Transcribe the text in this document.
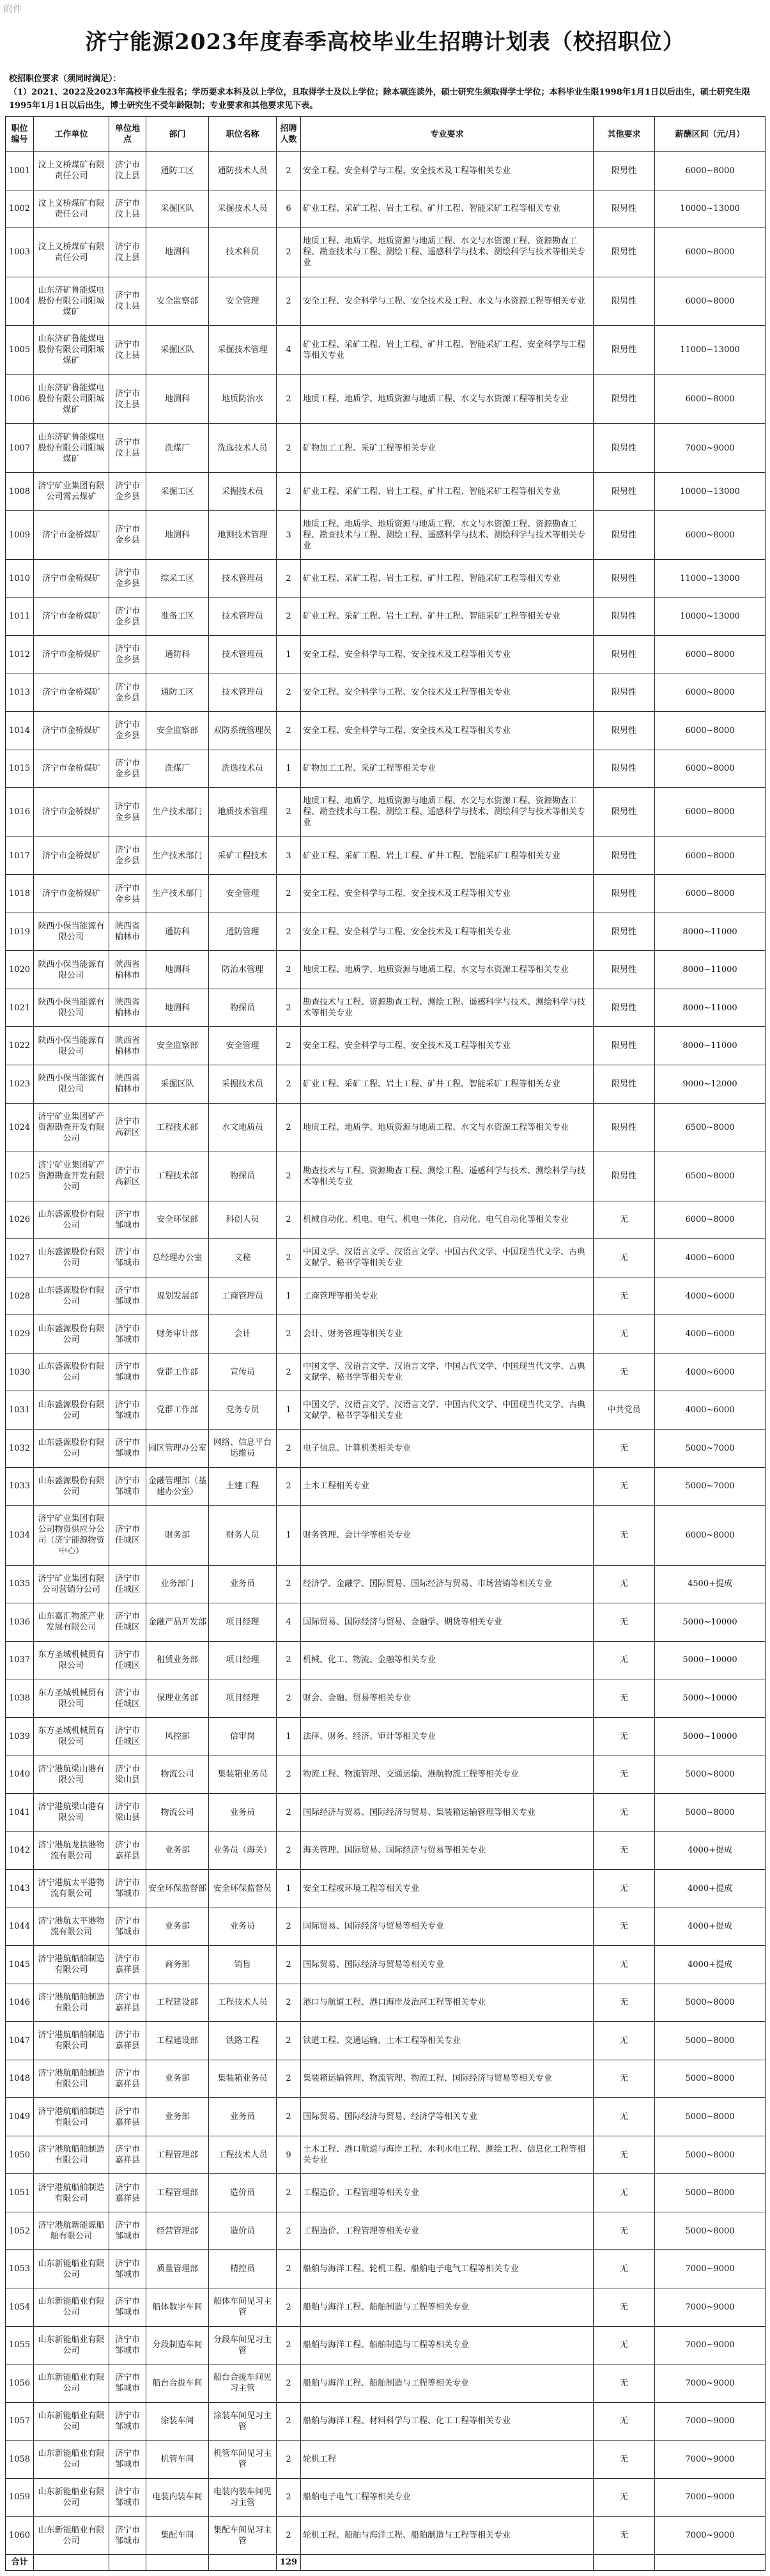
附件
济宁能源2023年度春季高校毕业生招聘计划表（校招职位）
校招职位要求（须同时满足）：
（1）2021、2022及2023年高校毕业生报名；学历要求本科及以上学位，且取得学士及以上学位；除本硕连读外，硕士研究生须取得学士学位；本科毕业生限1998年1月1日以后出生，硕士研究生限1995年1月1日以后出生，博士研究生不受年龄限制；专业要求和其他要求见下表。
职位编号	工作单位	单位地点	部门	职位名称	招聘人数	专业要求	其他要求	薪酬区间（元/月）
1001	汶上义桥煤矿有限责任公司	济宁市汶上县	通防工区	通防技术人员	2	安全工程、安全科学与工程、安全技术及工程等相关专业	限男性	6000~8000
1002	汶上义桥煤矿有限责任公司	济宁市汶上县	采掘区队	采掘技术人员	6	矿业工程、采矿工程、岩土工程、矿井工程、智能采矿工程等相关专业	限男性	10000~13000
1003	汶上义桥煤矿有限责任公司	济宁市汶上县	地测科	技术科员	2	地质工程、地质学、地质资源与地质工程、水文与水资源工程、资源勘查工程、勘查技术与工程、测绘工程、遥感科学与技术、测绘科学与技术等相关专业	限男性	6000~8000
1004	山东济矿鲁能煤电股份有限公司阳城煤矿	济宁市汶上县	安全监察部	安全管理	2	安全工程、安全科学与工程、安全技术及工程、水文与水资源工程等相关专业	限男性	6000~8000
1005	山东济矿鲁能煤电股份有限公司阳城煤矿	济宁市汶上县	采掘区队	采掘技术管理	4	矿业工程、采矿工程、岩土工程、矿井工程、智能采矿工程、安全科学与工程等相关专业	限男性	11000~13000
1006	山东济矿鲁能煤电股份有限公司阳城煤矿	济宁市汶上县	地测科	地质防治水	2	地质工程、地质学、地质资源与地质工程、水文与水资源工程等相关专业	限男性	6000~8000
1007	山东济矿鲁能煤电股份有限公司阳城煤矿	济宁市汶上县	洗煤厂	洗选技术人员	2	矿物加工工程、采矿工程等相关专业	限男性	7000~9000
1008	济宁矿业集团有限公司霄云煤矿	济宁市金乡县	采掘工区	采掘技术员	2	矿业工程、采矿工程、岩土工程、矿井工程、智能采矿工程等相关专业	限男性	10000~13000
1009	济宁市金桥煤矿	济宁市金乡县	地测科	地测技术管理	3	地质工程、地质学、地质资源与地质工程、水文与水资源工程、资源勘查工程、勘查技术与工程、测绘工程、遥感科学与技术、测绘科学与技术等相关专业	限男性	6000~8000
1010	济宁市金桥煤矿	济宁市金乡县	综采工区	技术管理员	2	矿业工程、采矿工程、岩土工程、矿井工程、智能采矿工程等相关专业	限男性	11000~13000
1011	济宁市金桥煤矿	济宁市金乡县	准备工区	技术管理员	2	矿业工程、采矿工程、岩土工程、矿井工程、智能采矿工程等相关专业	限男性	10000~13000
1012	济宁市金桥煤矿	济宁市金乡县	通防科	技术管理员	1	安全工程、安全科学与工程、安全技术及工程等相关专业	限男性	6000~8000
1013	济宁市金桥煤矿	济宁市金乡县	通防工区	技术管理员	2	安全工程、安全科学与工程、安全技术及工程等相关专业	限男性	6000~8000
1014	济宁市金桥煤矿	济宁市金乡县	安全监察部	双防系统管理员	2	安全工程、安全科学与工程、安全技术及工程等相关专业	限男性	6000~8000
1015	济宁市金桥煤矿	济宁市金乡县	洗煤厂	洗选技术员	1	矿物加工工程、采矿工程等相关专业	限男性	6000~8000
1016	济宁市金桥煤矿	济宁市金乡县	生产技术部门	地质技术管理	2	地质工程、地质学、地质资源与地质工程、水文与水资源工程、资源勘查工程、勘查技术与工程、测绘工程、遥感科学与技术、测绘科学与技术等相关专业	限男性	6000~8000
1017	济宁市金桥煤矿	济宁市金乡县	生产技术部门	采矿工程技术	3	矿业工程、采矿工程、岩土工程、矿井工程、智能采矿工程等相关专业	限男性	6000~8000
1018	济宁市金桥煤矿	济宁市金乡县	生产技术部门	安全管理	2	安全工程、安全科学与工程、安全技术及工程等相关专业	限男性	6000~8000
1019	陕西小保当能源有限公司	陕西省榆林市	通防科	通防管理	2	安全工程、安全科学与工程、安全技术及工程等相关专业	限男性	8000~11000
1020	陕西小保当能源有限公司	陕西省榆林市	地测科	防治水管理	2	地质工程、地质学、地质资源与地质工程、水文与水资源工程等相关专业	限男性	8000~11000
1021	陕西小保当能源有限公司	陕西省榆林市	地测科	物探员	2	勘查技术与工程、资源勘查工程、测绘工程、遥感科学与技术、测绘科学与技术等相关专业	限男性	8000~11000
1022	陕西小保当能源有限公司	陕西省榆林市	安全监察部	安全管理	2	安全工程、安全科学与工程、安全技术及工程等相关专业	限男性	8000~11000
1023	陕西小保当能源有限公司	陕西省榆林市	采掘区队	采掘技术员	2	矿业工程、采矿工程、岩土工程、矿井工程、智能采矿工程等相关专业	限男性	9000~12000
1024	济宁矿业集团矿产资源勘查开发有限公司	济宁市高新区	工程技术部	水文地质员	2	地质工程、地质学、地质资源与地质工程、水文与水资源工程等相关专业	限男性	6500~8000
1025	济宁矿业集团矿产资源勘查开发有限公司	济宁市高新区	工程技术部	物探员	2	勘查技术与工程、资源勘查工程、测绘工程、遥感科学与技术、测绘科学与技术等相关专业	限男性	6500~8000
1026	山东盛源股份有限公司	济宁市邹城市	安全环保部	科创人员	2	机械自动化、机电、电气、机电一体化、自动化、电气自动化等相关专业	无	6000~8000
1027	山东盛源股份有限公司	济宁市邹城市	总经理办公室	文秘	2	中国文学、汉语言文学、汉语言文学、中国古代文学、中国现当代文学、古典文献学、秘书学等相关专业	无	4000~6000
1028	山东盛源股份有限公司	济宁市邹城市	规划发展部	工商管理员	1	工商管理等相关专业	无	4000~6000
1029	山东盛源股份有限公司	济宁市邹城市	财务审计部	会计	2	会计、财务管理等相关专业	无	4000~6000
1030	山东盛源股份有限公司	济宁市邹城市	党群工作部	宣传员	2	中国文学、汉语言文学、汉语言文学、中国古代文学、中国现当代文学、古典文献学、秘书学等相关专业	无	4000~6000
1031	山东盛源股份有限公司	济宁市邹城市	党群工作部	党务专员	1	中国文学、汉语言文学、汉语言文学、中国古代文学、中国现当代文学、古典文献学、秘书学等相关专业	中共党员	4000~6000
1032	山东盛源股份有限公司	济宁市邹城市	园区管理办公室	网络、信息平台运维员	2	电子信息、计算机类相关专业	无	5000~7000
1033	山东盛源股份有限公司	济宁市邹城市	金融管理部（基建办公室）	土建工程	2	土木工程相关专业	无	5000~7000
1034	济宁矿业集团有限公司物资供应分公司（济宁能源物资中心）	济宁市任城区	财务部	财务人员	1	财务管理、会计学等相关专业	无	6000~8000
1035	济宁矿业集团有限公司营销分公司	济宁市任城区	业务部门	业务员	2	经济学、金融学、国际贸易、国际经济与贸易、市场营销等相关专业	无	4500+提成
1036	山东嘉汇物流产业发展有限公司	济宁市任城区	金融产品开发部	项目经理	4	国际贸易、国际经济与贸易、金融学、期货等相关专业	无	5000~10000
1037	东方圣城机械贸有限公司	济宁市任城区	租赁业务部	项目经理	2	机械、化工、物流、金融等相关专业	无	5000~10000
1038	东方圣城机械贸有限公司	济宁市任城区	保理业务部	项目经理	2	财会、金融、贸易等相关专业	无	5000~10000
1039	东方圣城机械贸有限公司	济宁市任城区	风控部	信审岗	1	法律、财务、经济、审计等相关专业	无	5000~10000
1040	济宁港航梁山港有限公司	济宁市梁山县	物流公司	集装箱业务员	2	物流工程、物流管理、交通运输、港航物流工程等相关专业	无	5000~8000
1041	济宁港航梁山港有限公司	济宁市梁山县	物流公司	业务员	2	国际经济与贸易、国际经济与贸易、集装箱运输管理等相关专业	无	5000~8000
1042	济宁港航龙拱港物流有限公司	济宁市嘉祥县	业务部	业务员（海关）	2	海关管理、国际贸易、国际经济与贸易等相关专业	无	4000+提成
1043	济宁港航太平港物流有限公司	济宁市邹城市	安全环保监督部	安全环保监督员	1	安全工程或环境工程等相关专业	无	4000+提成
1044	济宁港航太平港物流有限公司	济宁市邹城市	业务部	业务员	2	国际贸易、国际经济与贸易等相关专业	无	4000+提成
1045	济宁港航船舶制造有限公司	济宁市嘉祥县	商务部	销售	2	国际贸易、国际经济与贸易等相关专业	无	4000+提成
1046	济宁港航船舶制造有限公司	济宁市嘉祥县	工程建设部	工程技术人员	2	港口与航道工程、港口海岸及治河工程等相关专业	无	5000~8000
1047	济宁港航船舶制造有限公司	济宁市嘉祥县	工程建设部	铁路工程	2	铁道工程、交通运输、土木工程等相关专业	无	5000~8000
1048	济宁港航船舶制造有限公司	济宁市嘉祥县	业务部	集装箱业务员	2	集装箱运输管理、物流管理、物流工程、国际经济与贸易等相关专业	无	5000~8000
1049	济宁港航船舶制造有限公司	济宁市嘉祥县	业务部	业务员	2	国际贸易、国际经济与贸易、经济学等相关专业	无	5000~8000
1050	济宁港航船舶制造有限公司	济宁市嘉祥县	工程管理部	工程技术人员	9	土木工程、港口航道与海岸工程、水利水电工程、测绘工程、信息化工程等相关专业	无	5000~8000
1051	济宁港航船舶制造有限公司	济宁市嘉祥县	工程管理部	造价员	2	工程造价、工程管理等相关专业	无	5000~8000
1052	济宁港航新能源船舶有限公司	济宁市邹城市	经营管理部	造价员	2	工程造价、工程管理等相关专业	无	5000~8000
1053	山东新能船业有限公司	济宁市邹城市	质量管理部	精控员	2	船舶与海洋工程、轮机工程、船舶电子电气工程等相关专业	无	7000~9000
1054	山东新能船业有限公司	济宁市邹城市	船体数字车间	船体车间见习主管	2	船舶与海洋工程、船舶制造与工程等相关专业	无	7000~9000
1055	山东新能船业有限公司	济宁市邹城市	分段制造车间	分段车间见习主管	2	船舶与海洋工程、船舶制造与工程等相关专业	无	7000~9000
1056	山东新能船业有限公司	济宁市邹城市	船台合拢车间	船台合拢车间见习主管	2	船舶与海洋工程、船舶制造与工程等相关专业	无	7000~9000
1057	山东新能船业有限公司	济宁市邹城市	涂装车间	涂装车间见习主管	2	船舶与海洋工程、材料科学与工程、化工工程等相关专业	无	7000~9000
1058	山东新能船业有限公司	济宁市邹城市	机管车间	机管车间见习主管	2	轮机工程	无	7000~9000
1059	山东新能船业有限公司	济宁市邹城市	电装内装车间	电装内装车间见习主管	2	船舶电子电气工程等相关专业	无	7000~9000
1060	山东新能船业有限公司	济宁市邹城市	集配车间	集配车间见习主管	2	轮机工程、船舶与海洋工程、船舶制造与工程等相关专业	无	7000~9000
合计					129			
